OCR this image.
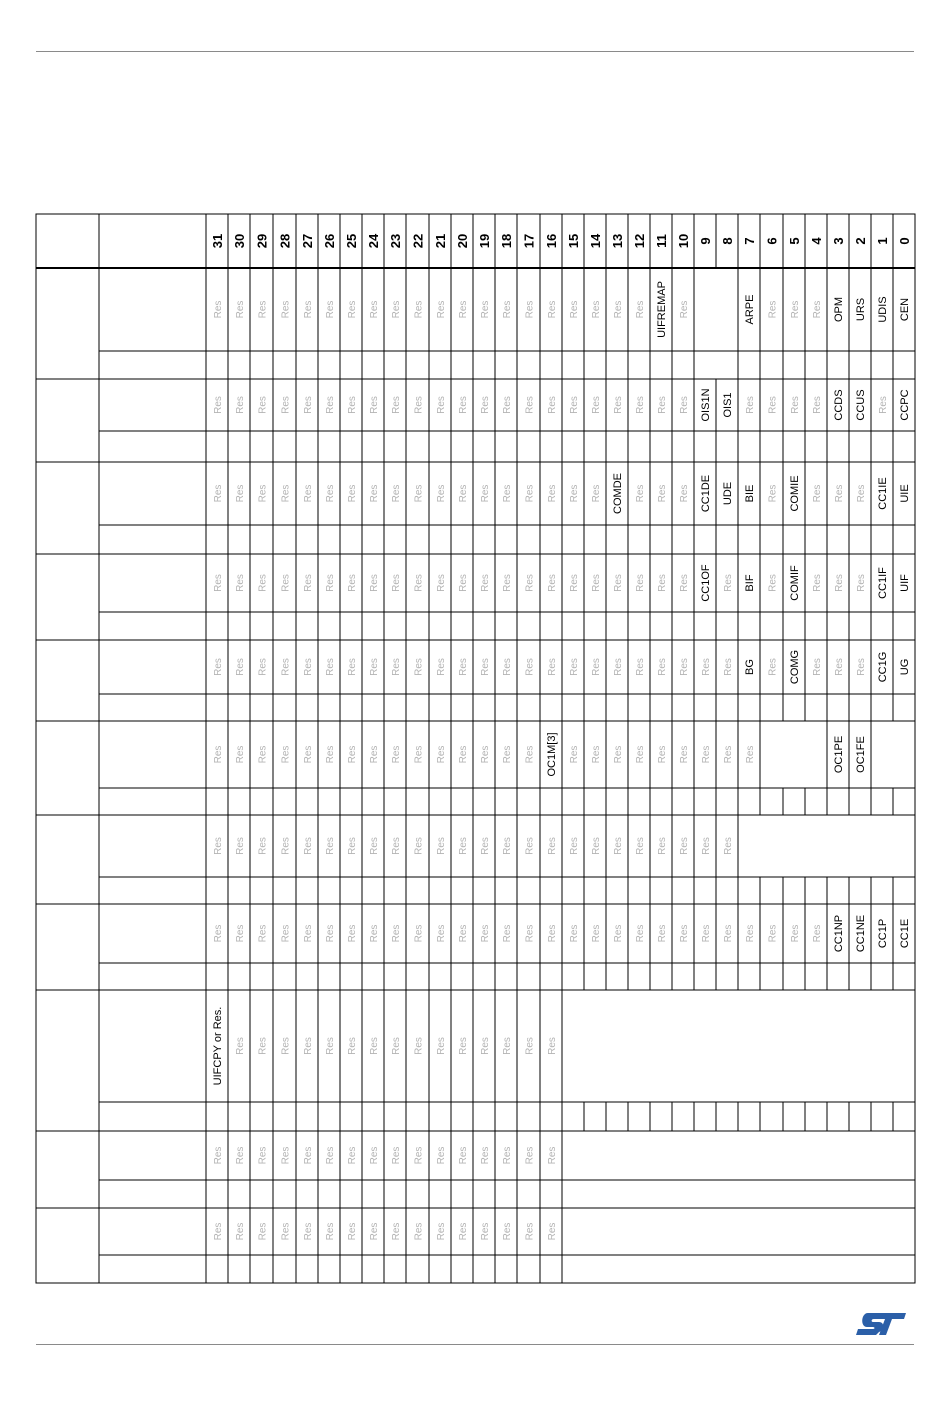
31 30 29 28 27 26 25 24 23 22 21 20 19 18 17 16 15 14 13 12 11 10 9 8 7 6 5 4 3 2 1 0
Res Res Res Res Res Res Res Res Res Res Res Res Res Res Res Res Res Res Res Res UIFREMAP Res	ARPE Res Res Res OPM URS UDIS CEN
Res Res Res Res Res Res Res Res Res Res Res Res Res Res Res Res Res Res Res Res Res Res OIS1N OIS1 Res Res Res Res CCDS CCUS Res CCPC
Res Res Res Res Res Res Res Res Res Res Res Res Res Res Res Res Res Res COMDE Res Res Res CC1DE UDE BIE Res COMIE Res Res Res CC1IE UIE
Res Res Res Res Res Res Res Res Res Res Res Res Res Res Res Res Res Res Res Res Res Res CC1OF Res BIF Res COMIF Res Res Res CC1IF UIF
Res Res Res Res Res Res Res Res Res Res Res Res Res Res Res Res Res Res Res Res Res Res Res Res BG Res COMG Res Res Res CC1G UG
Res Res Res Res Res Res Res Res Res Res Res Res Res Res Res OC1M[3] Res Res Res Res Res Res Res Res Res	OC1PE OC1FE
Res Res Res Res Res Res Res Res Res Res Res Res Res Res Res Res Res Res Res Res Res Res Res Res
Res Res Res Res Res Res Res Res Res Res Res Res Res Res Res Res Res Res Res Res Res Res Res Res Res Res Res Res CC1NP CC1NE CC1P CC1E
UIFCPY or Res. Res Res Res Res Res Res Res Res Res Res Res Res Res Res Res
Res Res Res Res Res Res Res Res Res Res Res Res Res Res Res Res
Res Res Res Res Res Res Res Res Res Res Res Res Res Res Res Res
